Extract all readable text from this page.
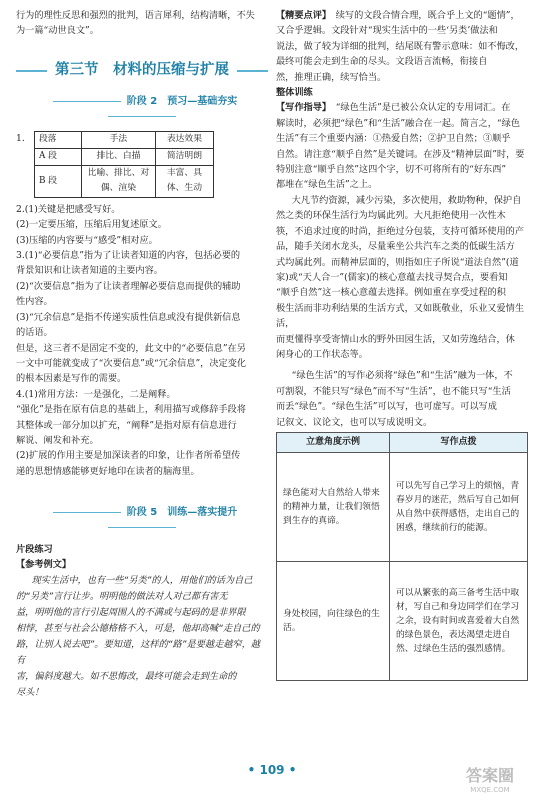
行为的理性反思和强烈的批判，语言犀利，结构清晰，不失

为一篇“动世良文”。

第三节　材料的压缩与扩展
阶段 2　预习—基础夯实
1. 段落	手法	表达效果
A 段	排比、白描	简洁明朗
B 段	比喻、排比、对偶、渲染	丰富、具体、生动

2.(1)关键是把感受写好。

(2)一定要压缩，压缩后用复述原文。

(3)压缩的内容要与“感受”相对应。

3.(1)“必要信息”指为了让读者知道的内容，包括必要的

背景知识和让读者知道的主要内容。

(2)“次要信息”指为了让读者理解必要信息而提供的辅助

性内容。

(3)“冗余信息”是指不传递实质性信息或没有提供新信息

的话语。

但是，这三者不是固定不变的，此文中的“必要信息”在另

一文中可能就变成了“次要信息”或“冗余信息”，决定变化

的根本因素是写作的需要。

4.(1)常用方法：一是强化，二是阐释。

“强化”是指在原有信息的基础上，利用描写或修辞手段将

其整体或一部分加以扩充，“阐释”是指对原有信息进行

解说、阐发和补充。

(2)扩展的作用主要是加深读者的印象，让作者所希望传

递的思想情感能够更好地印在读者的脑海里。

阶段 5　训练—落实提升

片段练习

【参考例文】

现实生活中，也有一些“另类”的人，用他们的话为自己

的“另类”言行让步。明明他的做法对人对己都有害无

益，明明他的言行引起周围人的不满或与起码的是非界限

相悖，甚至与社会公德格格不入，可是，他却高喊“走自己的

路，让别人说去吧”。要知道，这样的“路”是要越走越窄，越有

害，偏斜度越大。如不思悔改，最终可能会走到生命的

尽头！

【精要点评】　续写的文段合情合理，既合乎上文的“题情”，

又合乎逻辑。文段针对“现实生活中的一些‘另类’做法和

说法，做了较为详细的批判，结尾既有警示意味：如不悔改，

最终可能会走到生命的尽头。文段语言流畅，衔接自

然，推理正确，续写恰当。

整体训练

【写作指导】　“绿色生活”是已被公众认定的专用词汇。在

解读时，必须把“绿色”和“生活”融合在一起。简言之，“绿色

生活”有三个重要内涵：①热爱自然；②护卫自然；③顺乎

自然。请注意“顺乎自然”是关键词。在涉及“精神层面”时，要

特别注意“顺乎自然”这四个字，切不可将所有的“好东西”

都堆在“绿色生活”之上。

大凡节约资源，减少污染，多次使用，救助物种，保护自

然之类的环保生活行为均属此列。大凡拒绝使用一次性木

筷，不追求过度的时尚，拒绝过分包装，支持可循环使用的产

品，随手关闭水龙头，尽量乘坐公共汽车之类的低碳生活方

式均属此列。而精神层面的，则指如庄子所说“道法自然”(道

家)或“天人合一”(儒家)的核心意蕴去找寻契合点，要看知

“顺乎自然”这一核心意蕴去选择。例如重在享受过程的积

极生活而非功利结果的生活方式，又如既敬业，乐业又爱情生活，

而更懂得享受寄情山水的野外田园生活，又如劳逸结合，休

闲身心的工作状态等。

“绿色生活”的写作必须将“绿色”和“生活”融为一体，不

可割裂，不能只写“绿色”而不写“生活”，也不能只写“生活

而丢“绿色”。“绿色生活”可以写，也可虚写。可以写成

记叙文、议论文，也可以写成说明文。

立意角度示例	写作点拨
绿色能对大自然给人带来的精神力量，让我们领悟到生存的真谛。	可以先写自己学习上的烦恼，青春岁月的迷茫，然后写自己如何从自然中获得感悟，走出自己的困惑，继续前行的能源。
身处校园，向往绿色的生活。	可以从繁张的高三备考生活中取材，写自己和身边同学们在学习之余，设有时间或喜爱着大自然的绿色景色，表达渴望走进自然、过绿色生活的强烈感情。
• 109 •	答案圈
MXQE.COM
